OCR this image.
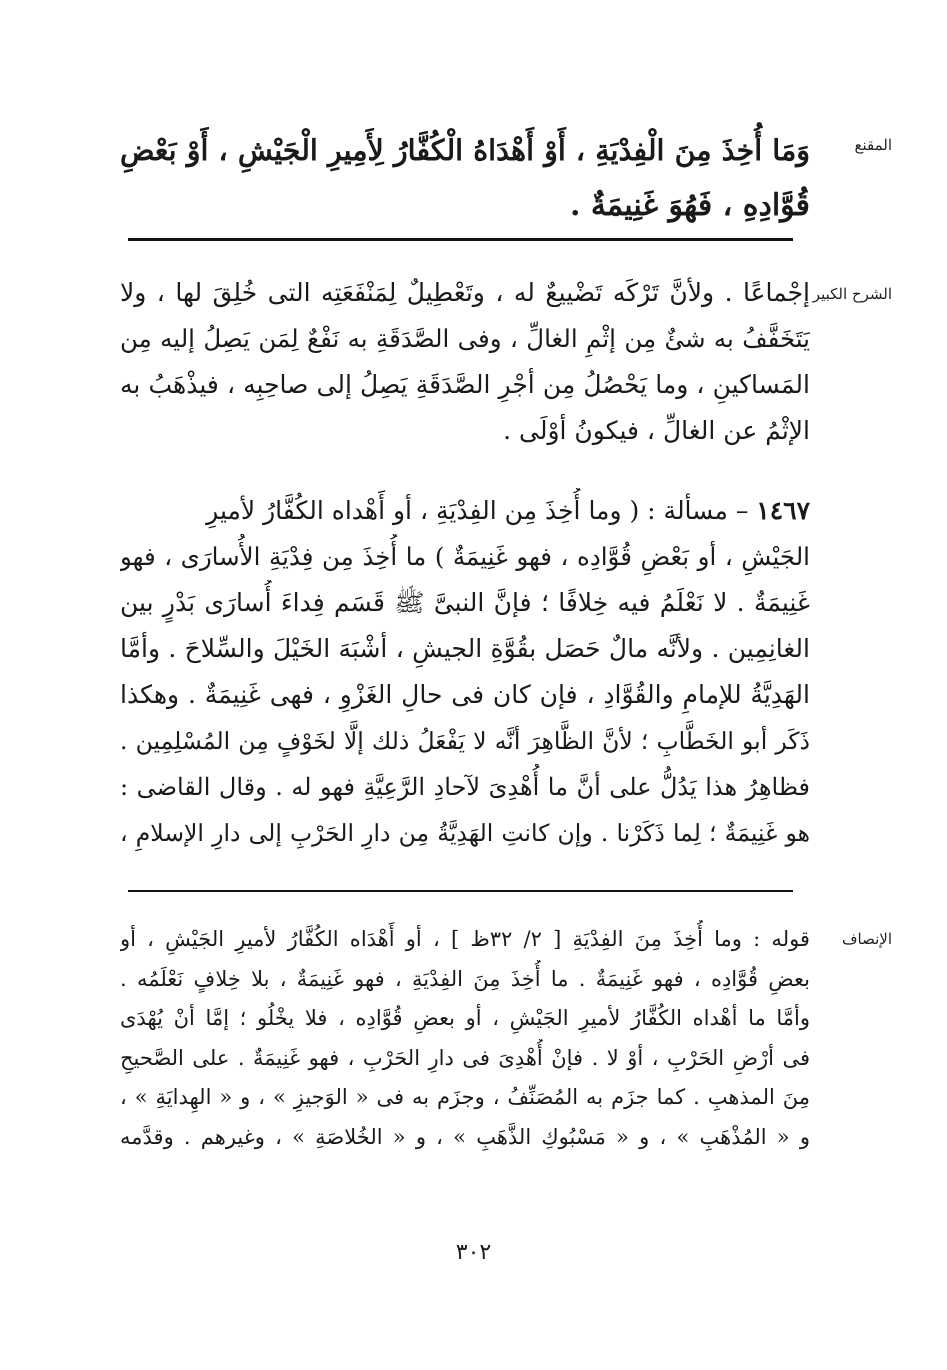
المقنع
وَمَا أُخِذَ مِنَ الْفِدْيَةِ ، أَوْ أَهْدَاهُ الْكُفَّارُ لِأَمِيرِ الْجَيْشِ ، أَوْ بَعْضِ
قُوَّادِهِ ، فَهُوَ غَنِيمَةٌ .
الشرح الكبير
إجْماعًا . ولأنَّ تَرْكَه تَضْييعٌ له ، وتَعْطِيلٌ لِمَنْفَعَتِه التى خُلِقَ لها ، ولا
يَتَخَفَّفُ به شئٌ مِن إثْمِ الغالِّ ، وفى الصَّدَقَةِ به نَفْعٌ لِمَن يَصِلُ إليه مِن
المَساكينِ ، وما يَحْصُلُ مِن أجْرِ الصَّدَقَةِ يَصِلُ إلى صاحِبِه ، فيذْهَبُ به
الإثْمُ عن الغالِّ ، فيكونُ أوْلَى .
١٤٦٧ – مسألة : ( وما أُخِذَ مِن الفِدْيَةِ ، أو أَهْداه الكُفَّارُ لأميرِ
الجَيْشِ ، أو بَعْضِ قُوَّادِه ، فهو غَنِيمَةٌ ) ما أُخِذَ مِن فِدْيَةِ الأُسارَى ، فهو
غَنِيمَةٌ . لا نَعْلَمُ فيه خِلافًا ؛ فإنَّ النبىَّ ﷺ قَسَم فِداءَ أُسارَى بَدْرٍ بين
الغانِمِين . ولأنَّه مالٌ حَصَل بقُوَّةِ الجيشِ ، أشْبَهَ الخَيْلَ والسِّلاحَ . وأمَّا
الهَدِيَّةُ للإمامِ والقُوَّادِ ، فإن كان فى حالِ الغَزْوِ ، فهى غَنِيمَةٌ . وهكذا
ذَكَر أبو الخَطَّابِ ؛ لأنَّ الظَّاهِرَ أنَّه لا يَفْعَلُ ذلك إلَّا لخَوْفٍ مِن المُسْلِمِين .
فظاهِرُ هذا يَدُلُّ على أنَّ ما أُهْدِىَ لآحادِ الرَّعِيَّةِ فهو له . وقال القاضى :
هو غَنِيمَةٌ ؛ لِما ذَكَرْنا . وإن كانتِ الهَدِيَّةُ مِن دارِ الحَرْبِ إلى دارِ الإسلامِ ،
الإنصاف
قوله : وما أُخِذَ مِنَ الفِدْيَةِ [ ٢/ ٣٢ظ ] ، أو أَهْدَاه الكُفَّارُ لأميرِ الجَيْشِ ، أو
بعضِ قُوَّادِه ، فهو غَنِيمَةٌ . ما أُخِذَ مِنَ الفِدْيَةِ ، فهو غَنِيمَةٌ ، بلا خِلافٍ نَعْلَمُه .
وأمَّا ما أهْداه الكُفَّارُ لأميرِ الجَيْشِ ، أو بعضِ قُوَّادِه ، فلا يخْلُو ؛ إمَّا أنْ يُهْدَى
فى أرْضِ الحَرْبِ ، أوْ لا . فإنْ أُهْدِىَ فى دارِ الحَرْبِ ، فهو غَنِيمَةٌ . على الصَّحيحِ
مِنَ المذهبِ . كما جزَم به المُصَنِّفُ ، وجزَم به فى « الوَجيزِ » ، و « الهِدايَةِ » ،
و « المُذْهَبِ » ، و « مَسْبُوكِ الذَّهَبِ » ، و « الخُلاصَةِ » ، وغيرهم . وقدَّمه
٣٠٢
